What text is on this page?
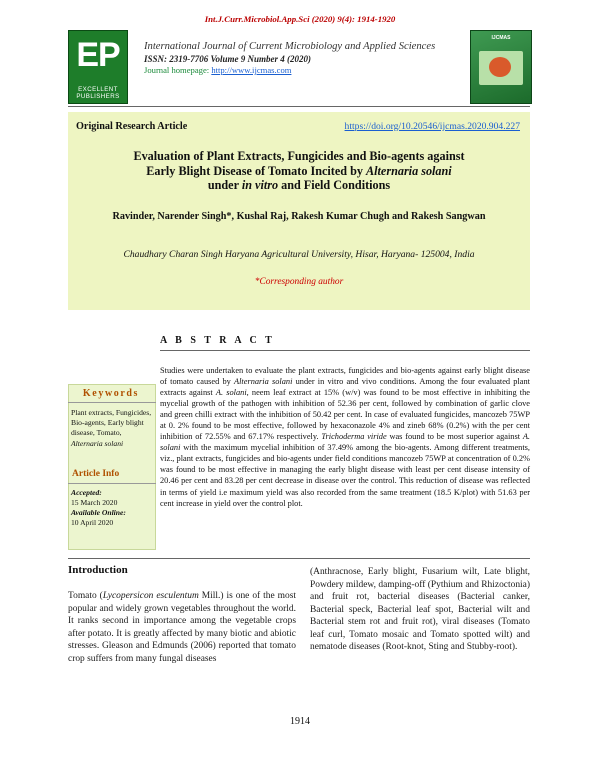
Int.J.Curr.Microbiol.App.Sci (2020) 9(4): 1914-1920
EP
EXCELLENT PUBLISHERS
International Journal of Current Microbiology and Applied Sciences
ISSN: 2319-7706 Volume 9 Number 4 (2020)
Journal homepage: http://www.ijcmas.com
IJCMAS
Original Research Article	https://doi.org/10.20546/ijcmas.2020.904.227
Evaluation of Plant Extracts, Fungicides and Bio-agents against
Early Blight Disease of Tomato Incited by Alternaria solani
under in vitro and Field Conditions
Ravinder, Narender Singh*, Kushal Raj, Rakesh Kumar Chugh and Rakesh Sangwan
Chaudhary Charan Singh Haryana Agricultural University, Hisar, Haryana- 125004, India
*Corresponding author
A B S T R A C T
Studies were undertaken to evaluate the plant extracts, fungicides and bio-agents against early blight disease of tomato caused by Alternaria solani under in vitro and vivo conditions. Among the four evaluated plant extracts against A. solani, neem leaf extract at 15% (w/v) was found to be most effective in inhibiting the mycelial growth of the pathogen with inhibition of 52.36 per cent, followed by combination of garlic clove and green chilli extract with the inhibition of 50.42 per cent. In case of evaluated fungicides, mancozeb 75WP at 0. 2% found to be most effective, followed by hexaconazole 4% and zineb 68% (0.2%) with the per cent inhibition of 72.55% and 67.17% respectively. Trichoderma viride was found to be most superior against A. solani with the maximum mycelial inhibition of 37.49% among the bio-agents. Among different treatments, viz., plant extracts, fungicides and bio-agents under field conditions mancozeb 75WP at concentration of 0.2% was found to be most effective in managing the early blight disease with least per cent disease intensity of 20.46 per cent and 83.28 per cent decrease in disease over the control. This reduction of disease was reflected in terms of yield i.e maximum yield was also recorded from the same treatment (18.5 K/plot) with 51.63 per cent increase in yield over the control plot.
Keywords
Plant extracts, Fungicides, Bio-agents, Early blight disease, Tomato, Alternaria solani
Article Info
Accepted:
15 March 2020
Available Online:
10 April 2020
Introduction
Tomato (Lycopersicon esculentum Mill.) is one of the most popular and widely grown vegetables throughout the world. It ranks second in importance among the vegetable crops after potato. It is greatly affected by many biotic and abiotic stresses. Gleason and Edmunds (2006) reported that tomato crop suffers from many fungal diseases
(Anthracnose, Early blight, Fusarium wilt, Late blight, Powdery mildew, damping-off (Pythium and Rhizoctonia) and fruit rot, bacterial diseases (Bacterial canker, Bacterial speck, Bacterial leaf spot, Bacterial wilt and Bacterial stem rot and fruit rot), viral diseases (Tomato leaf curl, Tomato mosaic and Tomato spotted wilt) and nematode diseases (Root-knot, Sting and Stubby-root).
1914
